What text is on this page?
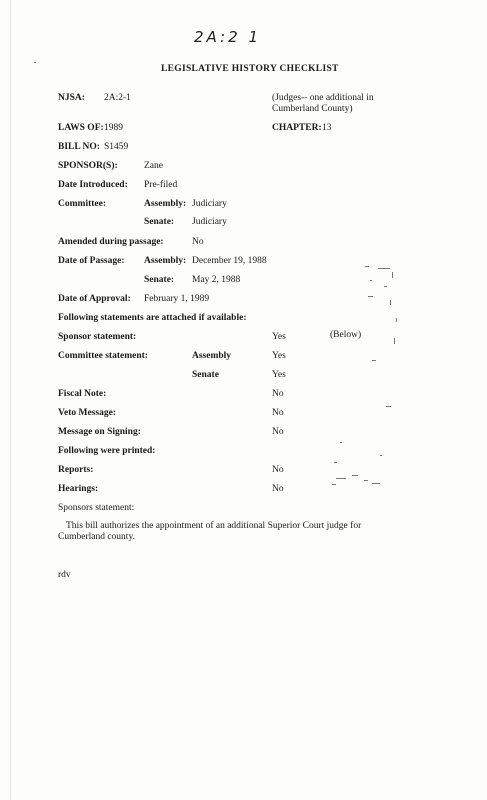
2A:2 1
LEGISLATIVE HISTORY CHECKLIST
NJSA: 2A:2-1	(Judges-- one additional in Cumberland County)
LAWS OF: 1989	CHAPTER: 13
BILL NO: S1459
SPONSOR(S):	Zane
Date Introduced: Pre-filed
Committee:	Assembly: Judiciary
Senate: Judiciary
Amended during passage:	No
Date of Passage: Assembly: December 19, 1988
Senate: May 2, 1988
Date of Approval: February 1, 1989
Following statements are attached if available:
Sponsor statement:	Yes	(Below)
Committee statement:	Assembly	Yes
Senate	Yes
Fiscal Note:	No
Veto Message:	No
Message on Signing:	No
Following were printed:
Reports:	No
Hearings:	No
Sponsors statement:
This bill authorizes the appointment of an additional Superior Court judge for Cumberland county.
rdv
